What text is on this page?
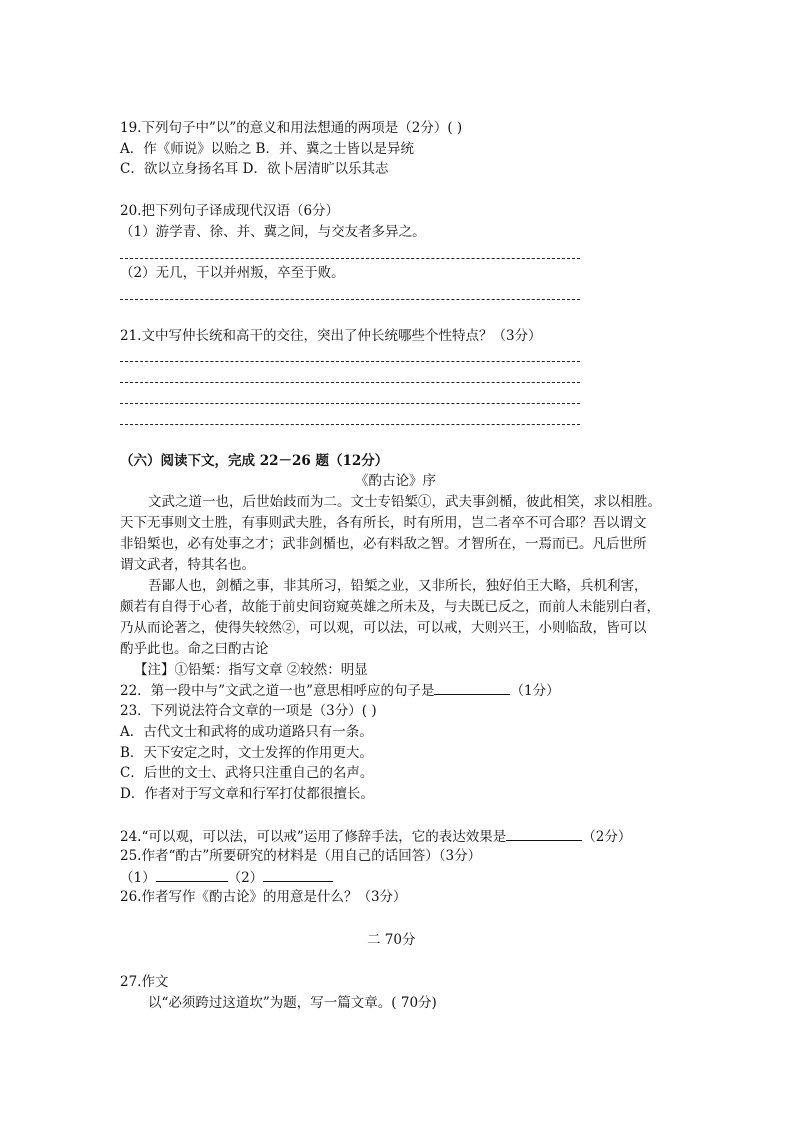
19.下列句子中”以”的意义和用法想通的两项是（2分）( )
A．作《师说》以贻之 B．并、冀之士皆以是异统
C．欲以立身扬名耳 D．欲卜居清旷以乐其志
20.把下列句子译成现代汉语（6分）
（1）游学青、徐、并、冀之间，与交友者多异之。
（2）无几，干以并州叛，卒至于败。
21.文中写仲长统和高干的交往，突出了仲长统哪些个性特点？（3分）
（六）阅读下文，完成 22－26 题（12分）
《酌古论》序
文武之道一也，后世始歧而为二。文士专铅椠①，武夫事剑楯，彼此相笑，求以相胜。
天下无事则文士胜，有事则武夫胜，各有所长，时有所用，岂二者卒不可合耶？吾以谓文
非铅椠也，必有处事之才；武非剑楯也，必有料敌之智。才智所在，一焉而已。凡后世所
谓文武者，特其名也。
吾鄙人也，剑楯之事，非其所习，铅椠之业，又非所长，独好伯王大略，兵机利害，
颇若有自得于心者，故能于前史间窃窥英雄之所未及，与夫既已反之，而前人未能别白者，
乃从而论著之，使得失较然②，可以观，可以法，可以戒，大则兴王，小则临敌，皆可以
酌乎此也。命之曰酌古论
【注】①铅椠：指写文章 ②较然：明显
22．第一段中与”文武之道一也”意思相呼应的句子是	（1分）
23．下列说法符合文章的一项是（3分）( )
A．古代文士和武将的成功道路只有一条。
B．天下安定之时，文士发挥的作用更大。
C．后世的文士、武将只注重自己的名声。
D．作者对于写文章和行军打仗都很擅长。
24.“可以观，可以法，可以戒”运用了修辞手法，它的表达效果是	（2分）
25.作者“酌古”所要研究的材料是（用自己的话回答）（3分）
（1）	（2）
26.作者写作《酌古论》的用意是什么？（3分）
二 70分
27.作文
以“必须跨过这道坎”为题，写一篇文章。( 70分)
